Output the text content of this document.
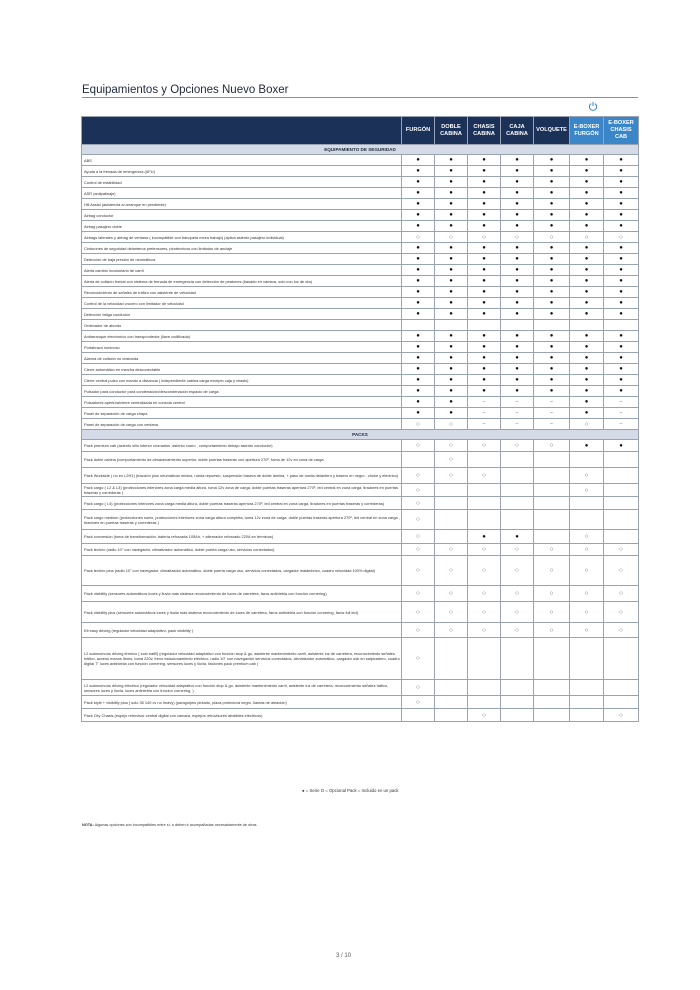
Equipamientos y Opciones Nuevo Boxer
	FURGÓN	DOBLE CABINA	CHASIS CABINA	CAJA CABINA	VOLQUETE	E-BOXER FURGÓN	E-BOXER CHASIS CAB
EQUIPAMIENTO DE SEGURIDAD							
ABS	●	●	●	●	●	●	●
Ayuda a la frenada de emergencia (AFU)	●	●	●	●	●	●	●
Control de estabilidad	●	●	●	●	●	●	●
ASR (antipatinaje)	●	●	●	●	●	●	●
Hill Assist (asistencia al arranque en pendiente)	●	●	●	●	●	●	●
Airbag conductor	●	●	●	●	●	●	●
Airbag pasajero doble	●	●	●	●	●	●	●
Airbags laterales y airbag de ventana ( incompatible con banqueta meza trabajo) (aplica asiento pasajero individual)	○	○	○	○	○	○	○
Cinturones de seguridad delanteros pretensores, pirotécnicos con limitador de anclaje	●	●	●	●	●	●	●
Detección de baja presión de neumáticos	●	●	●	●	●	●	●
Alerta cambio involuntario de carril	●	●	●	●	●	●	●
Alerta de colisión frontal con sistema de frenada de emergencia con detección de peatones (basado en cámara, solo con luz de día)	●	●	●	●	●	●	●
Reconocimiento de señales de tráfico con asistente de velocidad	●	●	●	●	●	●	●
Control de la velocidad crucero con limitador de velocidad	●	●	●	●	●	●	●
Detección fatiga conductor	●	●	●	●	●	●	●
Ordenador de abordo							
Antiarranque electrónico con transpondedor (llave codificada)	●	●	●	●	●	●	●
Portabrazo luminoso	●	●	●	●	●	●	●
Alarma de colisión no obstruida	●	●	●	●	●	●	●
Cierre automático en marcha desconectable	●	●	●	●	●	●	●
Cierre central pulso con mando a distancia ( independiente cabina carga excepto caja y chasis)	●	●	●	●	●	●	●
Pulsador para conductor para condenación/descondenación espacio de carga	●	●	●	●	●	●	●
Pulsadores apertura/cierre centralizada en consola central	●	●	–	–	–	●	–
Panel de separación de carga chapa	●	●	–	–	–	●	–
Panel de separación de carga con ventana	○	○	–	–	–	○	–
PACKS							
Pack premium cab (asiento sillo interior cromados ,asiento cuero , comportamiento debajo asiento conductor)	○	○	○	○	○	●	●
Pack doble cabina (comportamiento de almacenamiento superior, doble puertas traseras con apertura 270º, toma de 12v en zona de carga		○					
Pack Workside ( no en L2H1) (tracción plus neumáticos mixtos, rueda repuesto, suspensión trasera de doble lámina, + paso de rueda delantero y trasero en negro , choke y eléctrico)	○	○	○			○	
Pack cargo ( L2 & L3) (protecciones interiores zona carga media altura, toma 12v zona de carga, doble puertas traseras apertura 270º, led central en zona carga, tiradores en puertas traseras y correderas )	○					○	
Pack cargo ( L4) (protecciones interiores zona carga media altura, doble puertas traseras apertura 270º, led central en zona carga, tiradores en puertas traseras y correderas)	○						
Pack cargo medium (protecciones suelo, protecciones interiores zona carga altura completa, toma 12v zona de carga, doble puertas traseras apertura 270º, led central en zona carga , tiradores en puertas traseras y correderas )	○						
Pack conversion (toma de transformación, batería reforzada 105Ah, + alternador reforzado 220A en términos)	○		●	●		○	
Pack techno (radio 10" con navegador, climatizador automático, doble puerta carga uso, servicios conectados)	○	○	○	○	○	○	○
Pack techno plus (radio 10" con navegador, climatizador automático, doble puerta carga uso, servicios conectados, cargador inalámbrico, cuadro velocidad 100% digital)	○	○	○	○	○	○	○
Pack visibility (sensores automáticos luces y lluvia más sistema reconocimiento de luces de carretera, faros antiniebla con función cornering)	○	○	○	○	○	○	○
Pack visibility plus (sensores automáticos luces y lluvia más sistema reconocimiento de luces de carretera, faros antiniebla con función cornering, faros full led)	○	○	○	○	○	○	○
Kit easy driving (regulador velocidad adaptativo, pack visibility )	○	○	○	○	○	○	○
L2 autonomous driving térmico ( solo eatB) (regulador velocidad adaptativo con función stop & go, asistente mantenimiento carril, asistente luz de carretera, reconocimiento señales tráfico, acceso manos libres, toma 220v, freno estacionamiento eléctrico, radio 10" con navegación servicios conectados, climatizador automático, cargador usb en salpicadero, cuadro digital 7" luces antiniebla con función cornering, sensores luces y lluvia, faldones pack premium cab )	○						
L2 autonomous driving eléctrico (regulador velocidad adaptativo con función stop & go, asistente mantenimiento carril, asistente luz de carretera, reconocimiento señales tráfico, sensores luces y lluvia, luces antiniebla con función cornering, )	○						
Pack style + visibility plus ( solo 35 140 cv no heavy) (paragolpes pintado, placa protectora negro ,llantas de aleación)	○						
Pack City Chasis (espejo retrovisor central digital con cámara, espejos retrovisores abatibles eléctricos)			○				○
● = Serie O = Opcional Pack = Incluido en un pack
NOTA: Algunas opciones son incompatibles entre sí, o deben ir acompañadas necesariamente de otras
3 / 10
